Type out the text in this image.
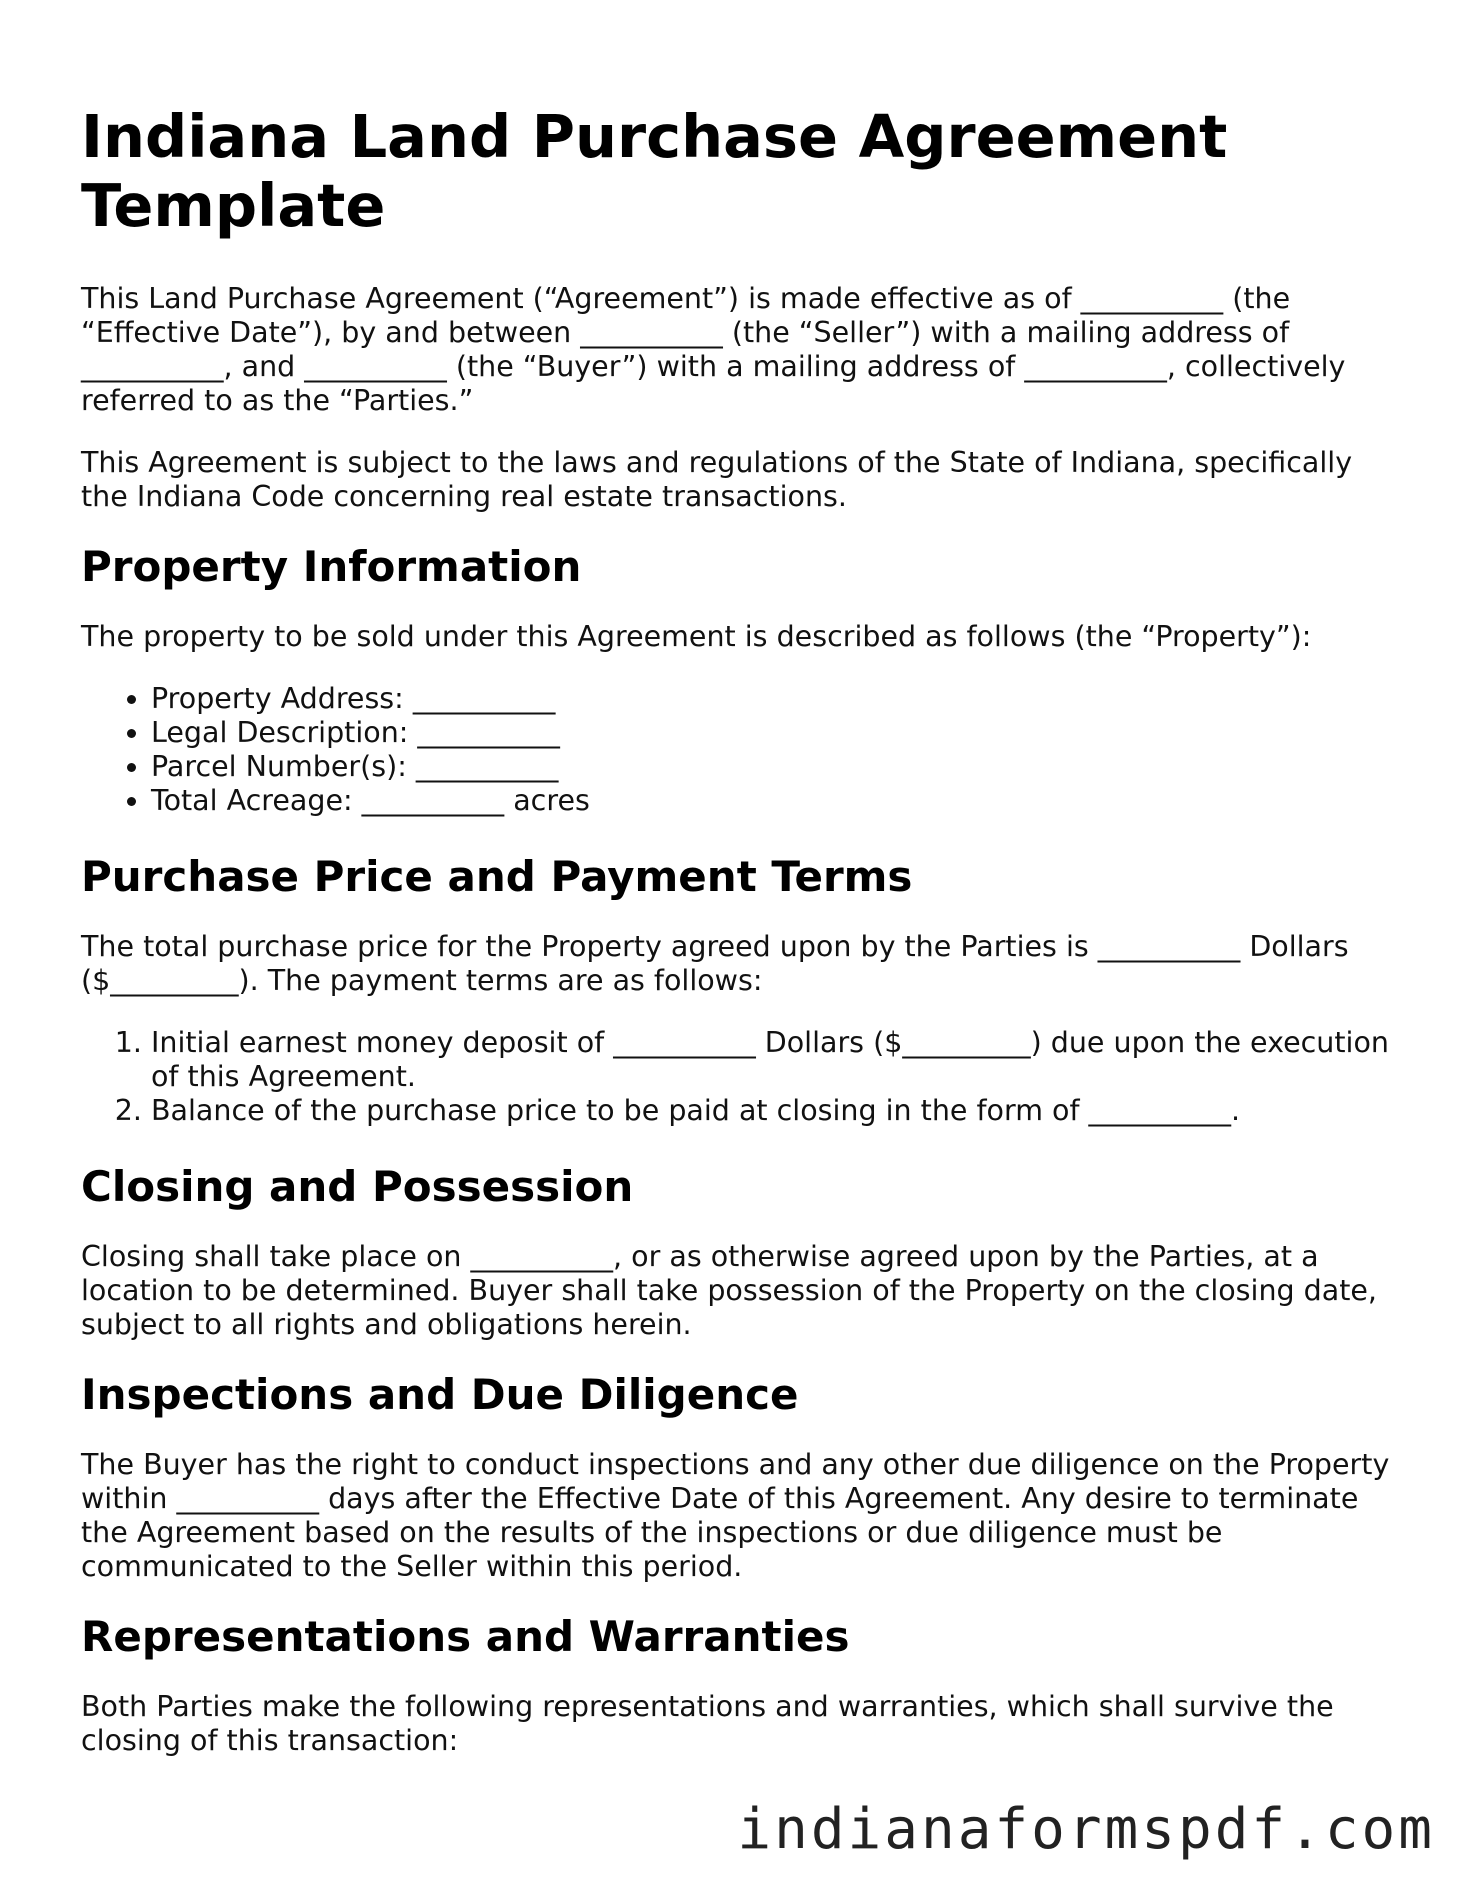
Indiana Land Purchase Agreement Template

This Land Purchase Agreement (“Agreement”) is made effective as of __________ (the “Effective Date”), by and between __________ (the “Seller”) with a mailing address of __________, and __________ (the “Buyer”) with a mailing address of __________, collectively referred to as the “Parties.”

This Agreement is subject to the laws and regulations of the State of Indiana, specifically the Indiana Code concerning real estate transactions.

Property Information

The property to be sold under this Agreement is described as follows (the “Property”):

• Property Address: __________
• Legal Description: __________
• Parcel Number(s): __________
• Total Acreage: __________ acres
Purchase Price and Payment Terms

The total purchase price for the Property agreed upon by the Parties is __________ Dollars ($_________). The payment terms are as follows:

1. Initial earnest money deposit of __________ Dollars ($_________) due upon the execution of this Agreement.
2. Balance of the purchase price to be paid at closing in the form of __________.
Closing and Possession

Closing shall take place on __________, or as otherwise agreed upon by the Parties, at a location to be determined. Buyer shall take possession of the Property on the closing date, subject to all rights and obligations herein.

Inspections and Due Diligence

The Buyer has the right to conduct inspections and any other due diligence on the Property within __________ days after the Effective Date of this Agreement. Any desire to terminate the Agreement based on the results of the inspections or due diligence must be communicated to the Seller within this period.

Representations and Warranties

Both Parties make the following representations and warranties, which shall survive the closing of this transaction:

indianaformspdf.com
